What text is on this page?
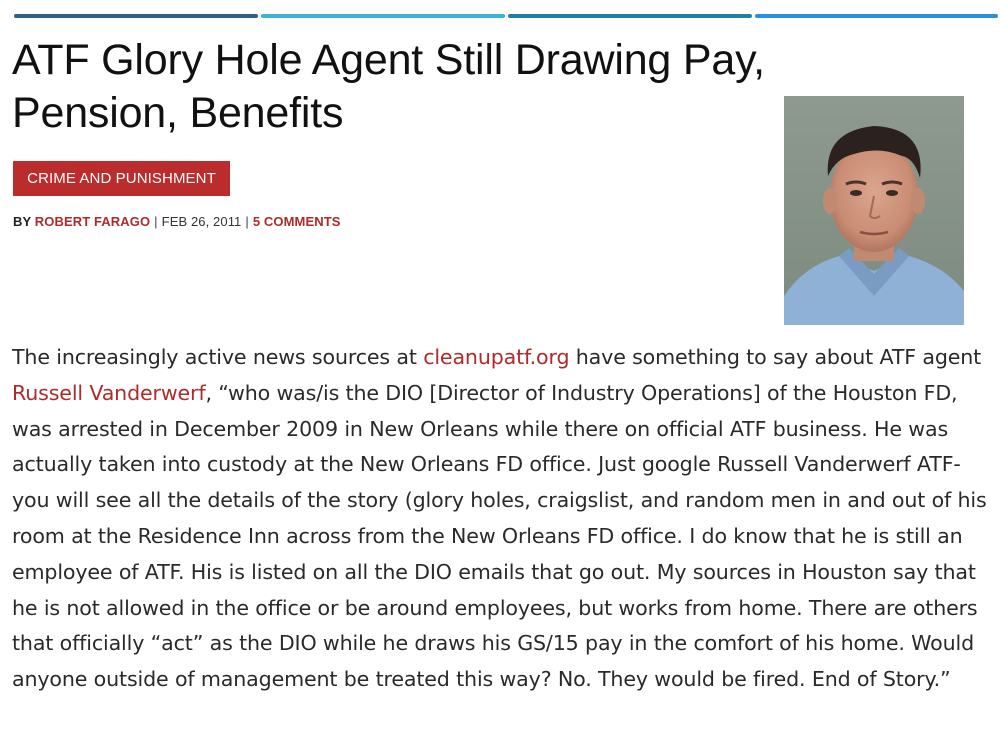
ATF Glory Hole Agent Still Drawing Pay, Pension, Benefits
CRIME AND PUNISHMENT
BY ROBERT FARAGO | FEB 26, 2011 | 5 COMMENTS

The increasingly active news sources at cleanupatf.org have something to say about ATF agent Russell Vanderwerf, “who was/is the DIO [Director of Industry Operations] of the Houston FD, was arrested in December 2009 in New Orleans while there on official ATF business. He was actually taken into custody at the New Orleans FD office. Just google Russell Vanderwerf ATF-you will see all the details of the story (glory holes, craigslist, and random men in and out of his room at the Residence Inn across from the New Orleans FD office. I do know that he is still an employee of ATF. His is listed on all the DIO emails that go out. My sources in Houston say that he is not allowed in the office or be around employees, but works from home. There are others that officially “act” as the DIO while he draws his GS/15 pay in the comfort of his home. Would anyone outside of management be treated this way? No. They would be fired. End of Story.”
